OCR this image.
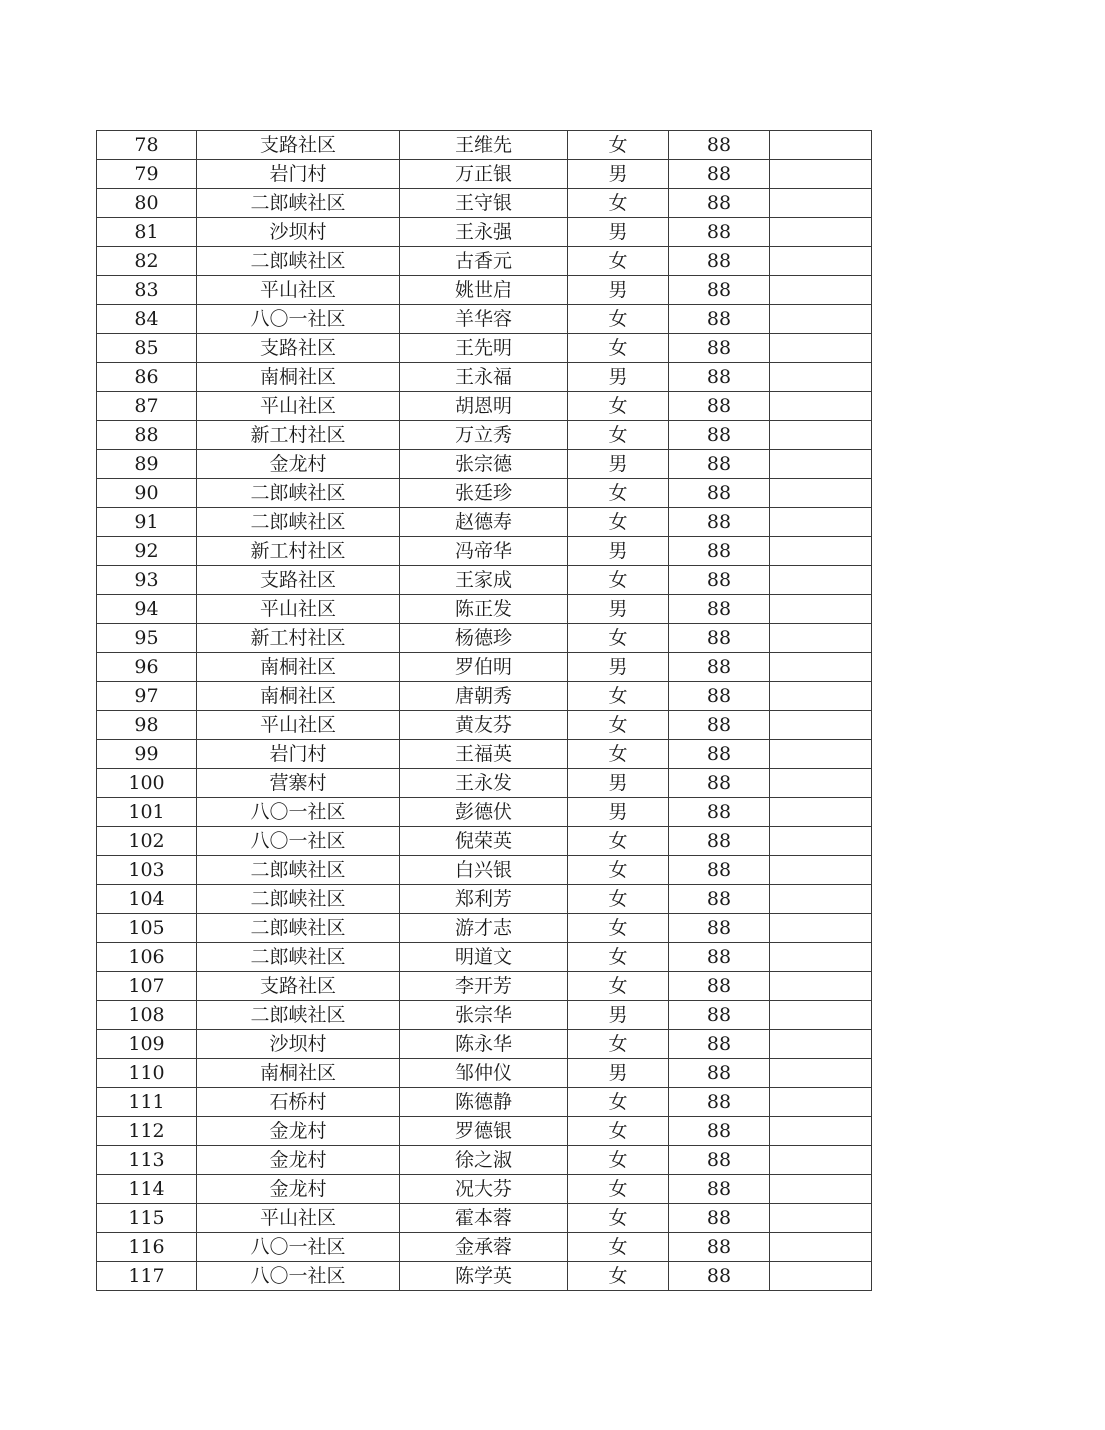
78	支路社区	王维先	女	88	
79	岩门村	万正银	男	88	
80	二郎峡社区	王守银	女	88	
81	沙坝村	王永强	男	88	
82	二郎峡社区	古香元	女	88	
83	平山社区	姚世启	男	88	
84	八〇一社区	羊华容	女	88	
85	支路社区	王先明	女	88	
86	南桐社区	王永福	男	88	
87	平山社区	胡恩明	女	88	
88	新工村社区	万立秀	女	88	
89	金龙村	张宗德	男	88	
90	二郎峡社区	张廷珍	女	88	
91	二郎峡社区	赵德寿	女	88	
92	新工村社区	冯帝华	男	88	
93	支路社区	王家成	女	88	
94	平山社区	陈正发	男	88	
95	新工村社区	杨德珍	女	88	
96	南桐社区	罗伯明	男	88	
97	南桐社区	唐朝秀	女	88	
98	平山社区	黄友芬	女	88	
99	岩门村	王福英	女	88	
100	营寨村	王永发	男	88	
101	八〇一社区	彭德伏	男	88	
102	八〇一社区	倪荣英	女	88	
103	二郎峡社区	白兴银	女	88	
104	二郎峡社区	郑利芳	女	88	
105	二郎峡社区	游才志	女	88	
106	二郎峡社区	明道文	女	88	
107	支路社区	李开芳	女	88	
108	二郎峡社区	张宗华	男	88	
109	沙坝村	陈永华	女	88	
110	南桐社区	邹仲仪	男	88	
111	石桥村	陈德静	女	88	
112	金龙村	罗德银	女	88	
113	金龙村	徐之淑	女	88	
114	金龙村	况大芬	女	88	
115	平山社区	霍本蓉	女	88	
116	八〇一社区	金承蓉	女	88	
117	八〇一社区	陈学英	女	88	
